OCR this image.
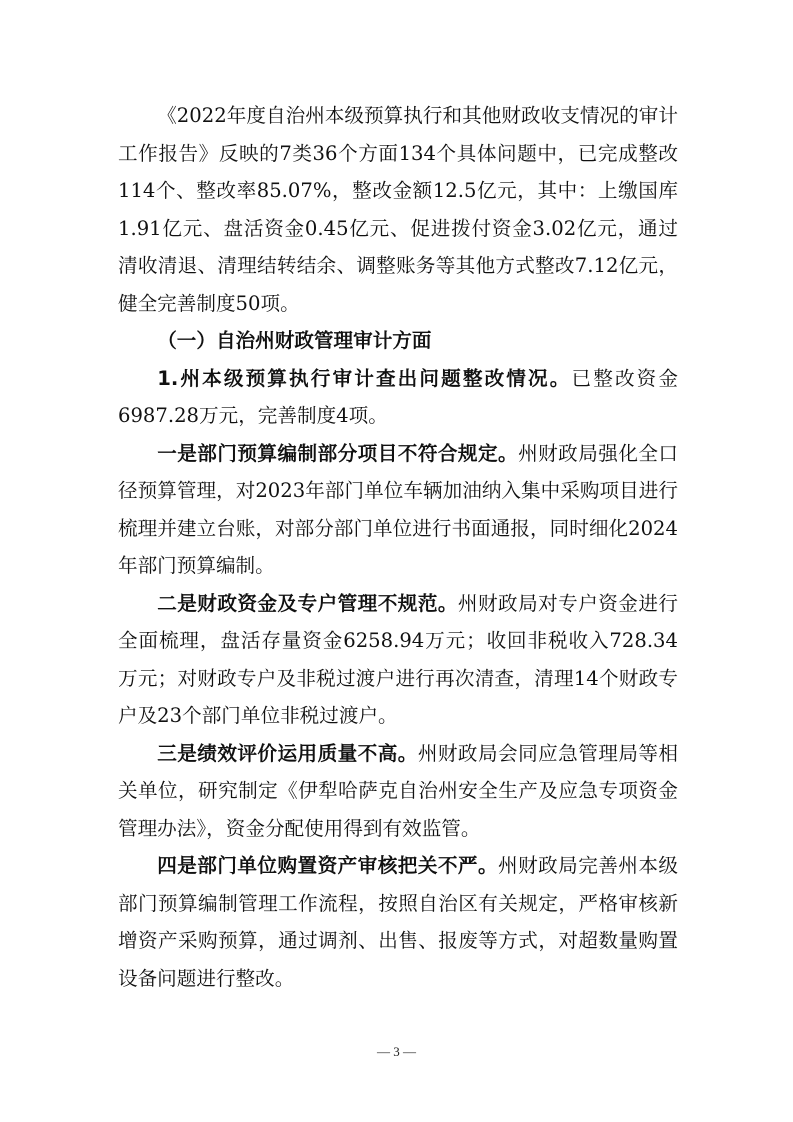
《2022年度自治州本级预算执行和其他财政收支情况的审计工作报告》反映的7类36个方面134个具体问题中，已完成整改114个、整改率85.07%，整改金额12.5亿元，其中：上缴国库1.91亿元、盘活资金0.45亿元、促进拨付资金3.02亿元，通过清收清退、清理结转结余、调整账务等其他方式整改7.12亿元，健全完善制度50项。

（一）自治州财政管理审计方面

1.州本级预算执行审计查出问题整改情况。已整改资金6987.28万元，完善制度4项。

一是部门预算编制部分项目不符合规定。州财政局强化全口径预算管理，对2023年部门单位车辆加油纳入集中采购项目进行梳理并建立台账，对部分部门单位进行书面通报，同时细化2024年部门预算编制。

二是财政资金及专户管理不规范。州财政局对专户资金进行全面梳理，盘活存量资金6258.94万元；收回非税收入728.34万元；对财政专户及非税过渡户进行再次清查，清理14个财政专户及23个部门单位非税过渡户。

三是绩效评价运用质量不高。州财政局会同应急管理局等相关单位，研究制定《伊犁哈萨克自治州安全生产及应急专项资金管理办法》，资金分配使用得到有效监管。

四是部门单位购置资产审核把关不严。州财政局完善州本级部门预算编制管理工作流程，按照自治区有关规定，严格审核新增资产采购预算，通过调剂、出售、报废等方式，对超数量购置设备问题进行整改。

— 3 —
